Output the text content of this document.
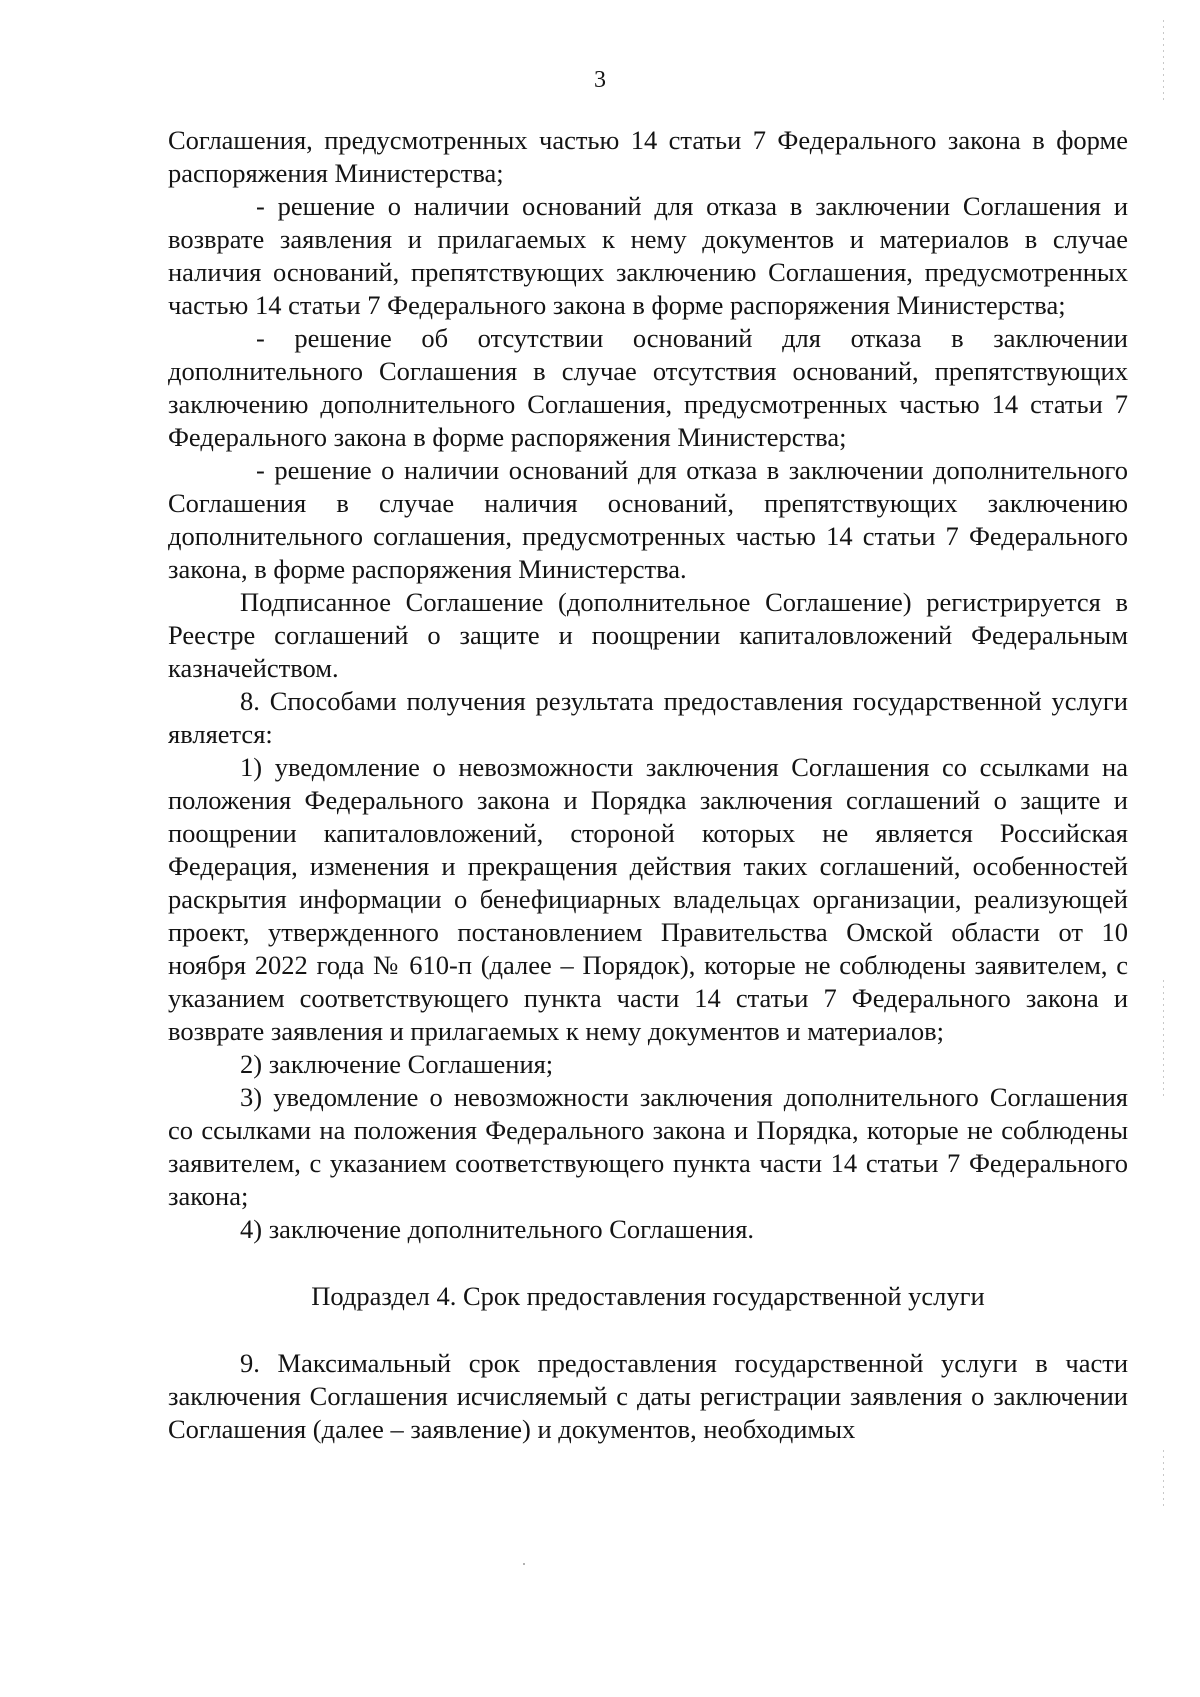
3

Соглашения, предусмотренных частью 14 статьи 7 Федерального закона в форме распоряжения Министерства;

- решение о наличии оснований для отказа в заключении Соглашения и возврате заявления и прилагаемых к нему документов и материалов в случае наличия оснований, препятствующих заключению Соглашения, предусмотренных частью 14 статьи 7 Федерального закона в форме распоряжения Министерства;

- решение об отсутствии оснований для отказа в заключении дополнительного Соглашения в случае отсутствия оснований, препятствующих заключению дополнительного Соглашения, предусмотренных частью 14 статьи 7 Федерального закона в форме распоряжения Министерства;

- решение о наличии оснований для отказа в заключении дополнительного Соглашения в случае наличия оснований, препятствующих заключению дополнительного соглашения, предусмотренных частью 14 статьи 7 Федерального закона, в форме распоряжения Министерства.

Подписанное Соглашение (дополнительное Соглашение) регистрируется в Реестре соглашений о защите и поощрении капиталовложений Федеральным казначейством.

8. Способами получения результата предоставления государственной услуги является:

1) уведомление о невозможности заключения Соглашения со ссылками на положения Федерального закона и Порядка заключения соглашений о защите и поощрении капиталовложений, стороной которых не является Российская Федерация, изменения и прекращения действия таких соглашений, особенностей раскрытия информации о бенефициарных владельцах организации, реализующей проект, утвержденного постановлением Правительства Омской области от 10 ноября 2022 года № 610-п (далее – Порядок), которые не соблюдены заявителем, с указанием соответствующего пункта части 14 статьи 7 Федерального закона и возврате заявления и прилагаемых к нему документов и материалов;

2) заключение Соглашения;

3) уведомление о невозможности заключения дополнительного Соглашения со ссылками на положения Федерального закона и Порядка, которые не соблюдены заявителем, с указанием соответствующего пункта части 14 статьи 7 Федерального закона;

4) заключение дополнительного Соглашения.

Подраздел 4. Срок предоставления государственной услуги

9. Максимальный срок предоставления государственной услуги в части заключения Соглашения исчисляемый с даты регистрации заявления о заключении Соглашения (далее – заявление) и документов, необходимых
